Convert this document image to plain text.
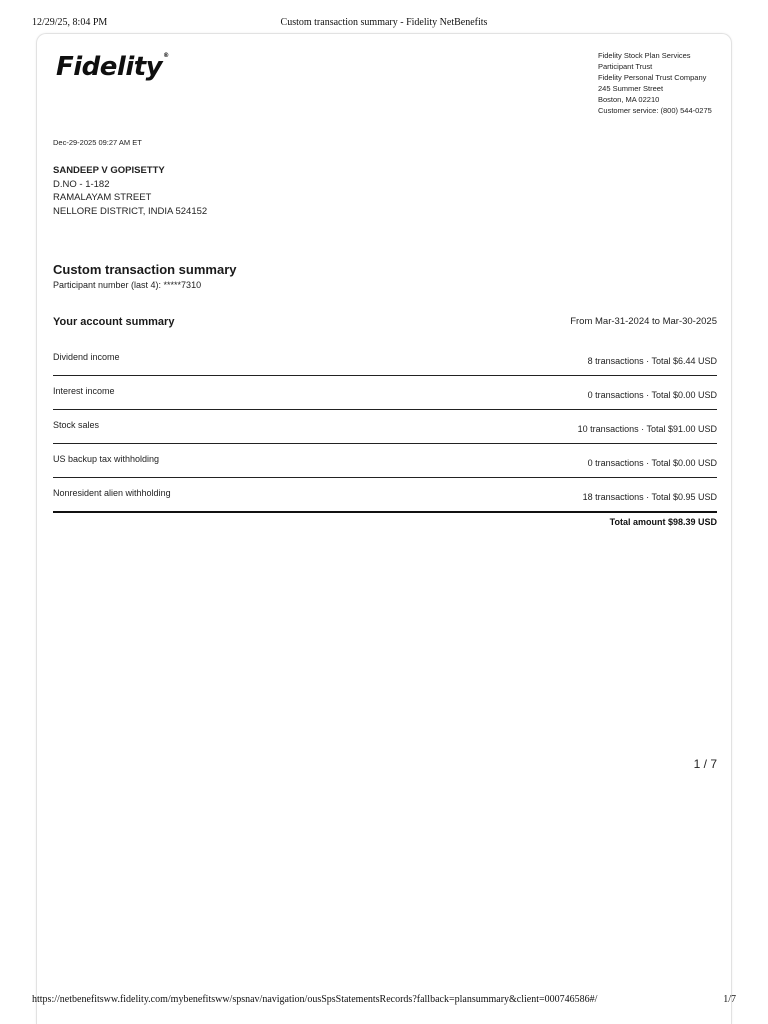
12/29/25, 8:04 PM	Custom transaction summary - Fidelity NetBenefits
Fidelity®	Fidelity Stock Plan Services
Participant Trust
Fidelity Personal Trust Company
245 Summer Street
Boston, MA 02210
Customer service: (800) 544-0275
Dec-29-2025 09:27 AM ET
SANDEEP V GOPISETTY
D.NO - 1-182
RAMALAYAM STREET
NELLORE DISTRICT, INDIA 524152
Custom transaction summary
Participant number (last 4): *****7310
Your account summary	From Mar-31-2024 to Mar-30-2025
Dividend income	8 transactions · Total $6.44 USD
Interest income	0 transactions · Total $0.00 USD
Stock sales	10 transactions · Total $91.00 USD
US backup tax withholding	0 transactions · Total $0.00 USD
Nonresident alien withholding	18 transactions · Total $0.95 USD
Total amount $98.39 USD
1 / 7
https://netbenefitsww.fidelity.com/mybenefitsww/spsnav/navigation/ousSpsStatementsRecords?fallback=plansummary&client=000746586#/	1/7
